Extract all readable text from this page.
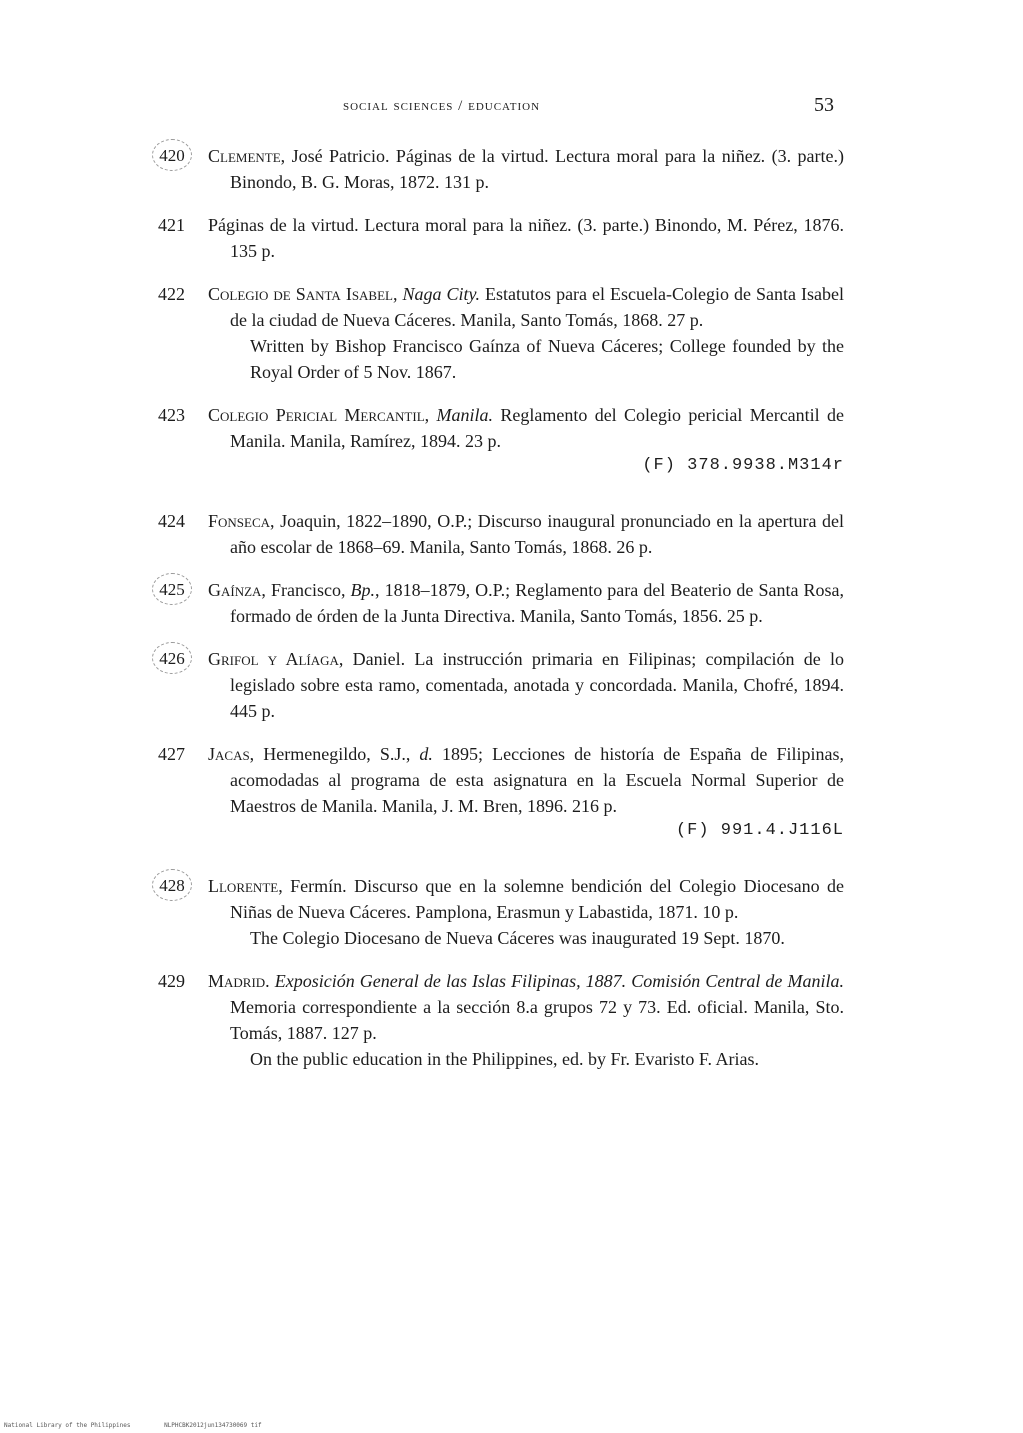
social sciences / education	53
420	Clemente, José Patricio. Páginas de la virtud. Lectura moral para la niñez. (3. parte.) Binondo, B. G. Moras, 1872. 131 p.
421	Páginas de la virtud. Lectura moral para la niñez. (3. parte.) Binondo, M. Pérez, 1876. 135 p.
422	Colegio de Santa Isabel, Naga City. Estatutos para el Escuela-Colegio de Santa Isabel de la ciudad de Nueva Cáceres. Manila, Santo Tomás, 1868. 27 p.
Written by Bishop Francisco Gaínza of Nueva Cáceres; College founded by the Royal Order of 5 Nov. 1867.
423	Colegio Pericial Mercantil, Manila. Reglamento del Colegio pericial Mercantil de Manila. Manila, Ramírez, 1894. 23 p.
(F) 378.9938.M314r
424	Fonseca, Joaquin, 1822–1890, O.P.; Discurso inaugural pronunciado en la apertura del año escolar de 1868–69. Manila, Santo Tomás, 1868. 26 p.
425	Gaínza, Francisco, Bp., 1818–1879, O.P.; Reglamento para del Beaterio de Santa Rosa, formado de órden de la Junta Directiva. Manila, Santo Tomás, 1856. 25 p.
426	Grifol y Alíaga, Daniel. La instrucción primaria en Filipinas; compilación de lo legislado sobre esta ramo, comentada, anotada y concordada. Manila, Chofré, 1894. 445 p.
427	Jacas, Hermenegildo, S.J., d. 1895; Lecciones de historía de España de Filipinas, acomodadas al programa de esta asignatura en la Escuela Normal Superior de Maestros de Manila. Manila, J. M. Bren, 1896. 216 p.
(F) 991.4.J116L
428	Llorente, Fermín. Discurso que en la solemne bendición del Colegio Diocesano de Niñas de Nueva Cáceres. Pamplona, Erasmun y Labastida, 1871. 10 p.
The Colegio Diocesano de Nueva Cáceres was inaugurated 19 Sept. 1870.
429	Madrid. Exposición General de las Islas Filipinas, 1887. Comisión Central de Manila. Memoria correspondiente a la sección 8.a grupos 72 y 73. Ed. oficial. Manila, Sto. Tomás, 1887. 127 p.
On the public education in the Philippines, ed. by Fr. Evaristo F. Arias.
National Library of the Philippines	NLPHCBK2012jun134730069 tif
